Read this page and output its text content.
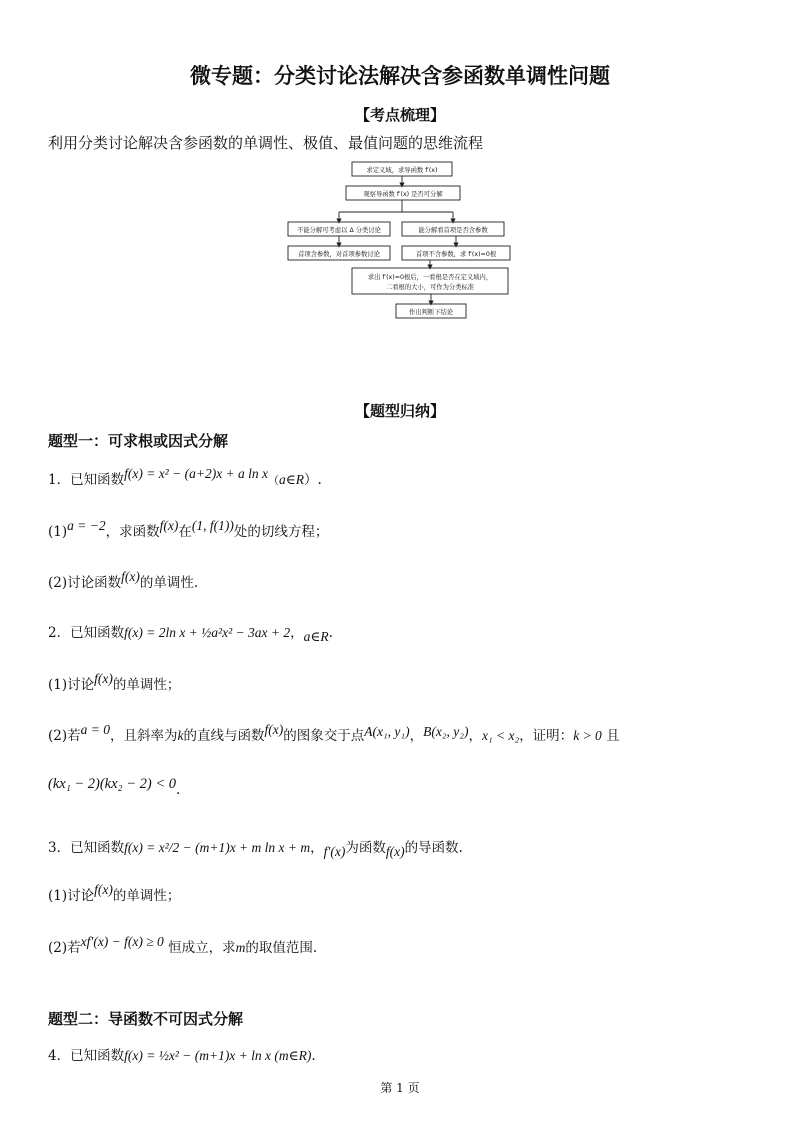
微专题：分类讨论法解决含参函数单调性问题
【考点梳理】
利用分类讨论解决含参函数的单调性、极值、最值问题的思维流程
求定义域，求导函数 f′(x)
观察导函数 f′(x) 是否可分解
不能分解可考虑以 Δ 分类讨论	能分解看首项是否含参数
首项含参数，对首项参数讨论	首项不含参数，求 f′(x)=0根
求出 f′(x)=0根后，一看根是否在定义域内，
二看根的大小，可作为分类标准
作出判断下结论
【题型归纳】
题型一：可求根或因式分解
1．已知函数f(x) = x² − (a+2)x + a ln x（a∈R）.
(1)a = −2，求函数f(x)在(1, f(1))处的切线方程；
(2)讨论函数f(x)的单调性.
2．已知函数f(x) = 2ln x + ½a²x² − 3ax + 2，a∈R.
(1)讨论f(x)的单调性；
(2)若a = 0，且斜率为k的直线与函数f(x)的图象交于点A(x₁, y₁)，B(x₂, y₂)，x₁ < x₂，证明：k > 0 且
(kx₁ − 2)(kx₂ − 2) < 0.
3．已知函数f(x) = x²/2 − (m+1)x + m ln x + m，f′(x)为函数f(x)的导函数.
(1)讨论f(x)的单调性；
(2)若xf′(x) − f(x) ≥ 0 恒成立，求m的取值范围.
题型二：导函数不可因式分解
4．已知函数f(x) = ½x² − (m+1)x + ln x (m∈R).
第 1 页
